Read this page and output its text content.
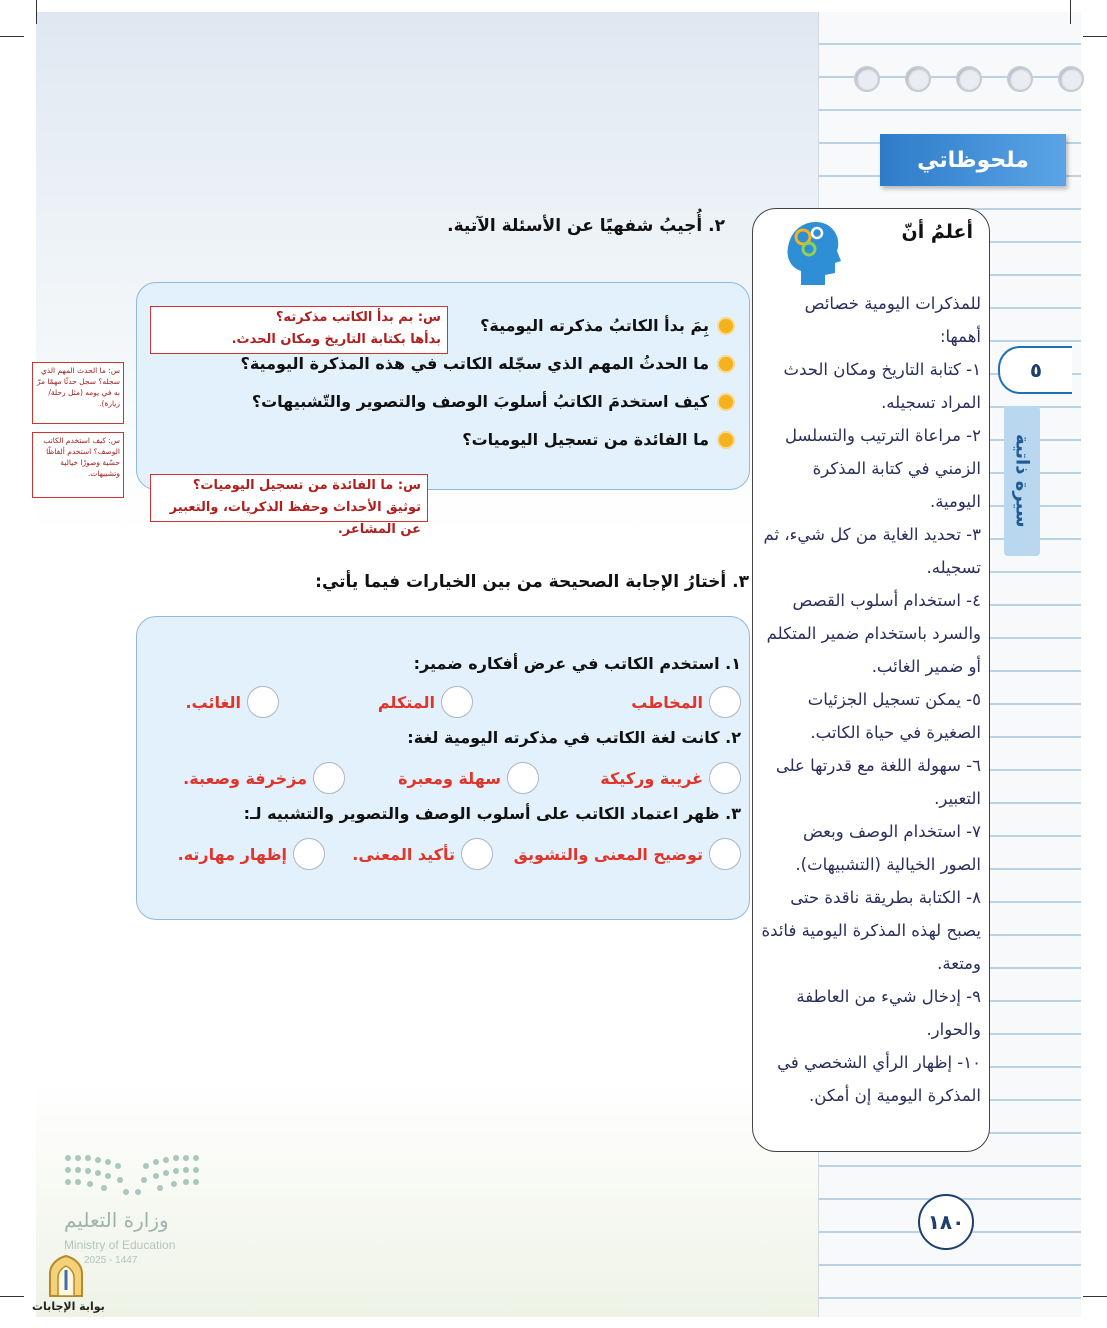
ملحوظاتي
٥
سيرة ذاتية
أعلمُ أنّ
للمذكرات اليومية خصائص أهمها:
١- كتابة التاريخ ومكان الحدث المراد تسجيله.
٢- مراعاة الترتيب والتسلسل الزمني في كتابة المذكرة اليومية.
٣- تحديد الغاية من كل شيء، ثم تسجيله.
٤- استخدام أسلوب القصص والسرد باستخدام ضمير المتكلم أو ضمير الغائب.
٥- يمكن تسجيل الجزئيات الصغيرة في حياة الكاتب.
٦- سهولة اللغة مع قدرتها على التعبير.
٧- استخدام الوصف وبعض الصور الخيالية (التشبيهات).
٨- الكتابة بطريقة ناقدة حتى يصبح لهذه المذكرة اليومية فائدة ومتعة.
٩- إدخال شيء من العاطفة والحوار.
١٠- إظهار الرأي الشخصي في المذكرة اليومية إن أمكن.
٢. أُجيبُ شفهيًا عن الأسئلة الآتية.
بِمَ بدأ الكاتبُ مذكرته اليومية؟
ما الحدثُ المهم الذي سجّله الكاتب في هذه المذكرة اليومية؟
كيف استخدمَ الكاتبُ أسلوبَ الوصف والتصوير والتّشبيهات؟
ما الفائدة من تسجيل اليوميات؟
س: بم بدأ الكاتب مذكرته؟
بدأها بكتابة التاريخ ومكان الحدث.
س: ما الفائدة من تسجيل اليوميات؟
توثيق الأحداث وحفظ الذكريات، والتعبير عن المشاعر.
س: ما الحدث المهم الذي سجله؟ سجل حدثًا مهمًا مرّ به في يومه (مثل رحلة/زيارة).
س: كيف استخدم الكاتب الوصف؟ استخدم ألفاظًا حسّية وصورًا خيالية وتشبيهات.
٣. أختارُ الإجابة الصحيحة من بين الخيارات فيما يأتي:
١. استخدم الكاتب في عرض أفكاره ضمير:
المخاطب
المتكلم
الغائب.
٢. كانت لغة الكاتب في مذكرته اليومية لغة:
غريبة وركيكة
سهلة ومعبرة
مزخرفة وصعبة.
٣. ظهر اعتماد الكاتب على أسلوب الوصف والتصوير والتشبيه لـ:
توضيح المعنى والتشويق
تأكيد المعنى.
إظهار مهارته.
١٨٠
وزارة التعليم
Ministry of Education
2025 - 1447
بوابة الإجابات
